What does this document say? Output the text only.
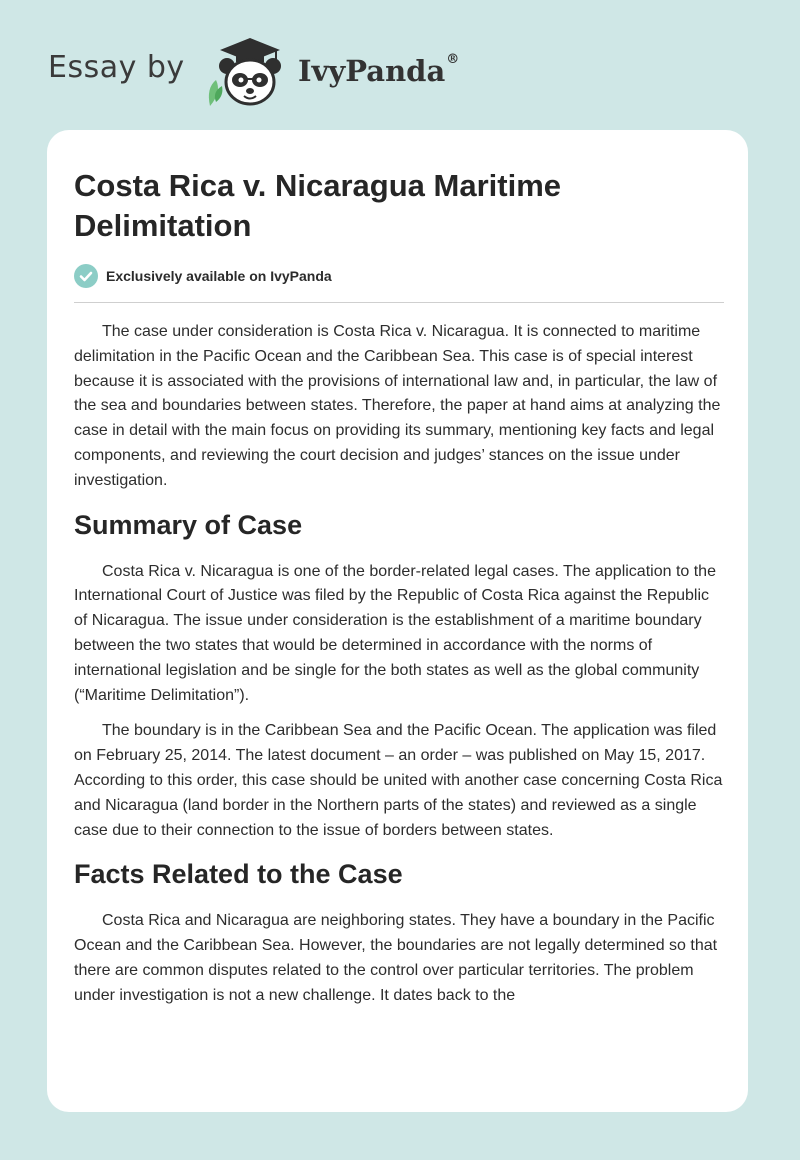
Essay by	IvyPanda®
Costa Rica v. Nicaragua Maritime Delimitation
Exclusively available on IvyPanda

The case under consideration is Costa Rica v. Nicaragua. It is connected to maritime delimitation in the Pacific Ocean and the Caribbean Sea. This case is of special interest because it is associated with the provisions of international law and, in particular, the law of the sea and boundaries between states. Therefore, the paper at hand aims at analyzing the case in detail with the main focus on providing its summary, mentioning key facts and legal components, and reviewing the court decision and judges’ stances on the issue under investigation.

Summary of Case

Costa Rica v. Nicaragua is one of the border-related legal cases. The application to the International Court of Justice was filed by the Republic of Costa Rica against the Republic of Nicaragua. The issue under consideration is the establishment of a maritime boundary between the two states that would be determined in accordance with the norms of international legislation and be single for the both states as well as the global community (“Maritime Delimitation”).

The boundary is in the Caribbean Sea and the Pacific Ocean. The application was filed on February 25, 2014. The latest document – an order – was published on May 15, 2017. According to this order, this case should be united with another case concerning Costa Rica and Nicaragua (land border in the Northern parts of the states) and reviewed as a single case due to their connection to the issue of borders between states.

Facts Related to the Case

Costa Rica and Nicaragua are neighboring states. They have a boundary in the Pacific Ocean and the Caribbean Sea. However, the boundaries are not legally determined so that there are common disputes related to the control over particular territories. The problem under investigation is not a new challenge. It dates back to the
